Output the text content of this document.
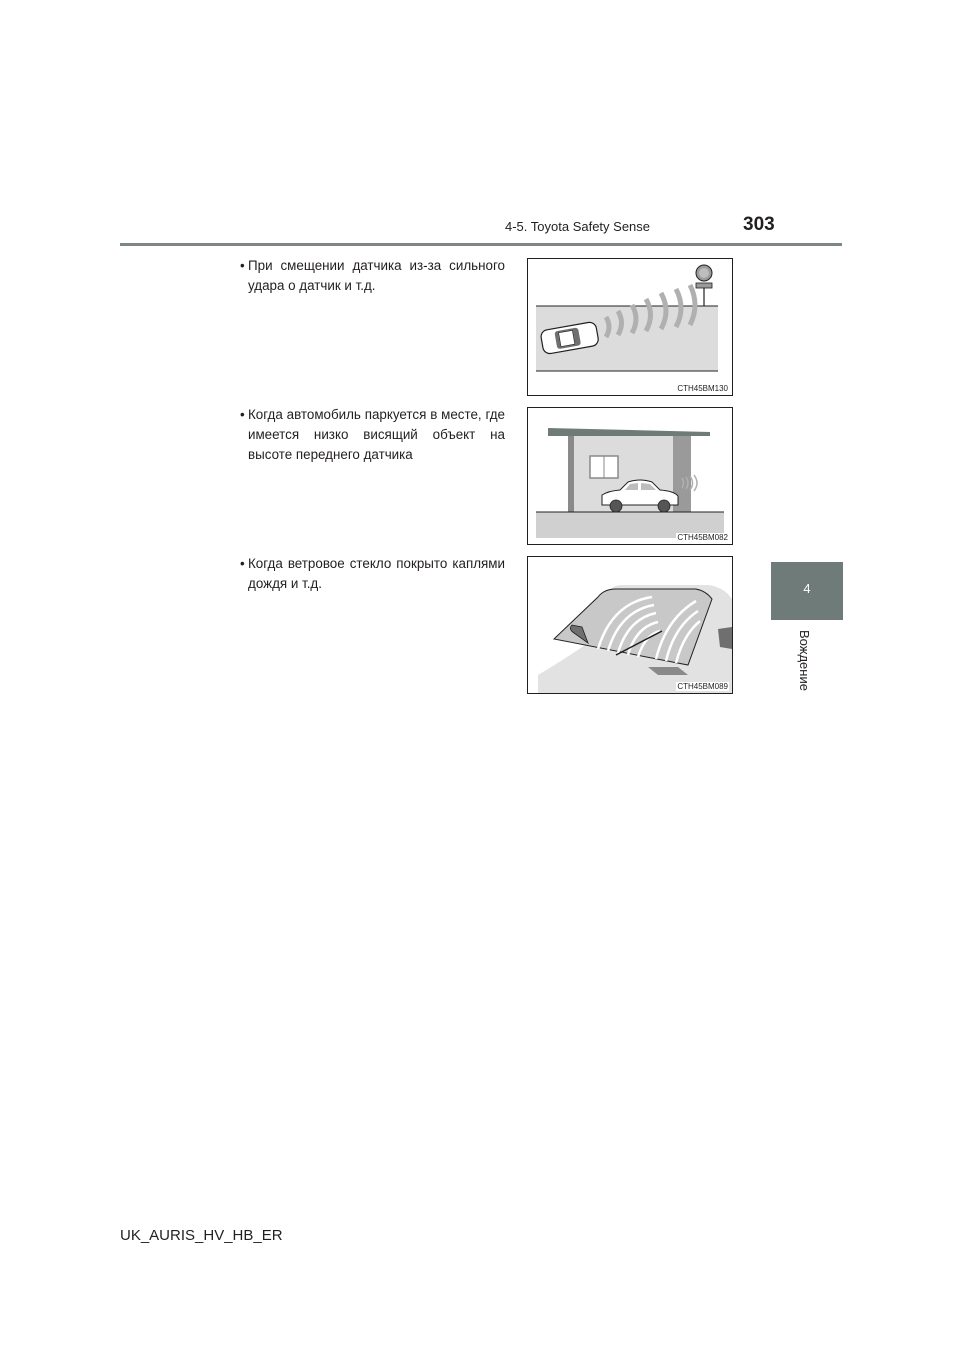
4-5. Toyota Safety Sense	303
4
Вождение
• При смещении датчика из-за сильного удара о датчик и т.д.
CTH45BM130
• Когда автомобиль паркуется в месте, где имеется низко висящий объект на высоте переднего датчика
CTH45BM082
• Когда ветровое стекло покрыто каплями дождя и т.д.
CTH45BM089
UK_AURIS_HV_HB_ER
